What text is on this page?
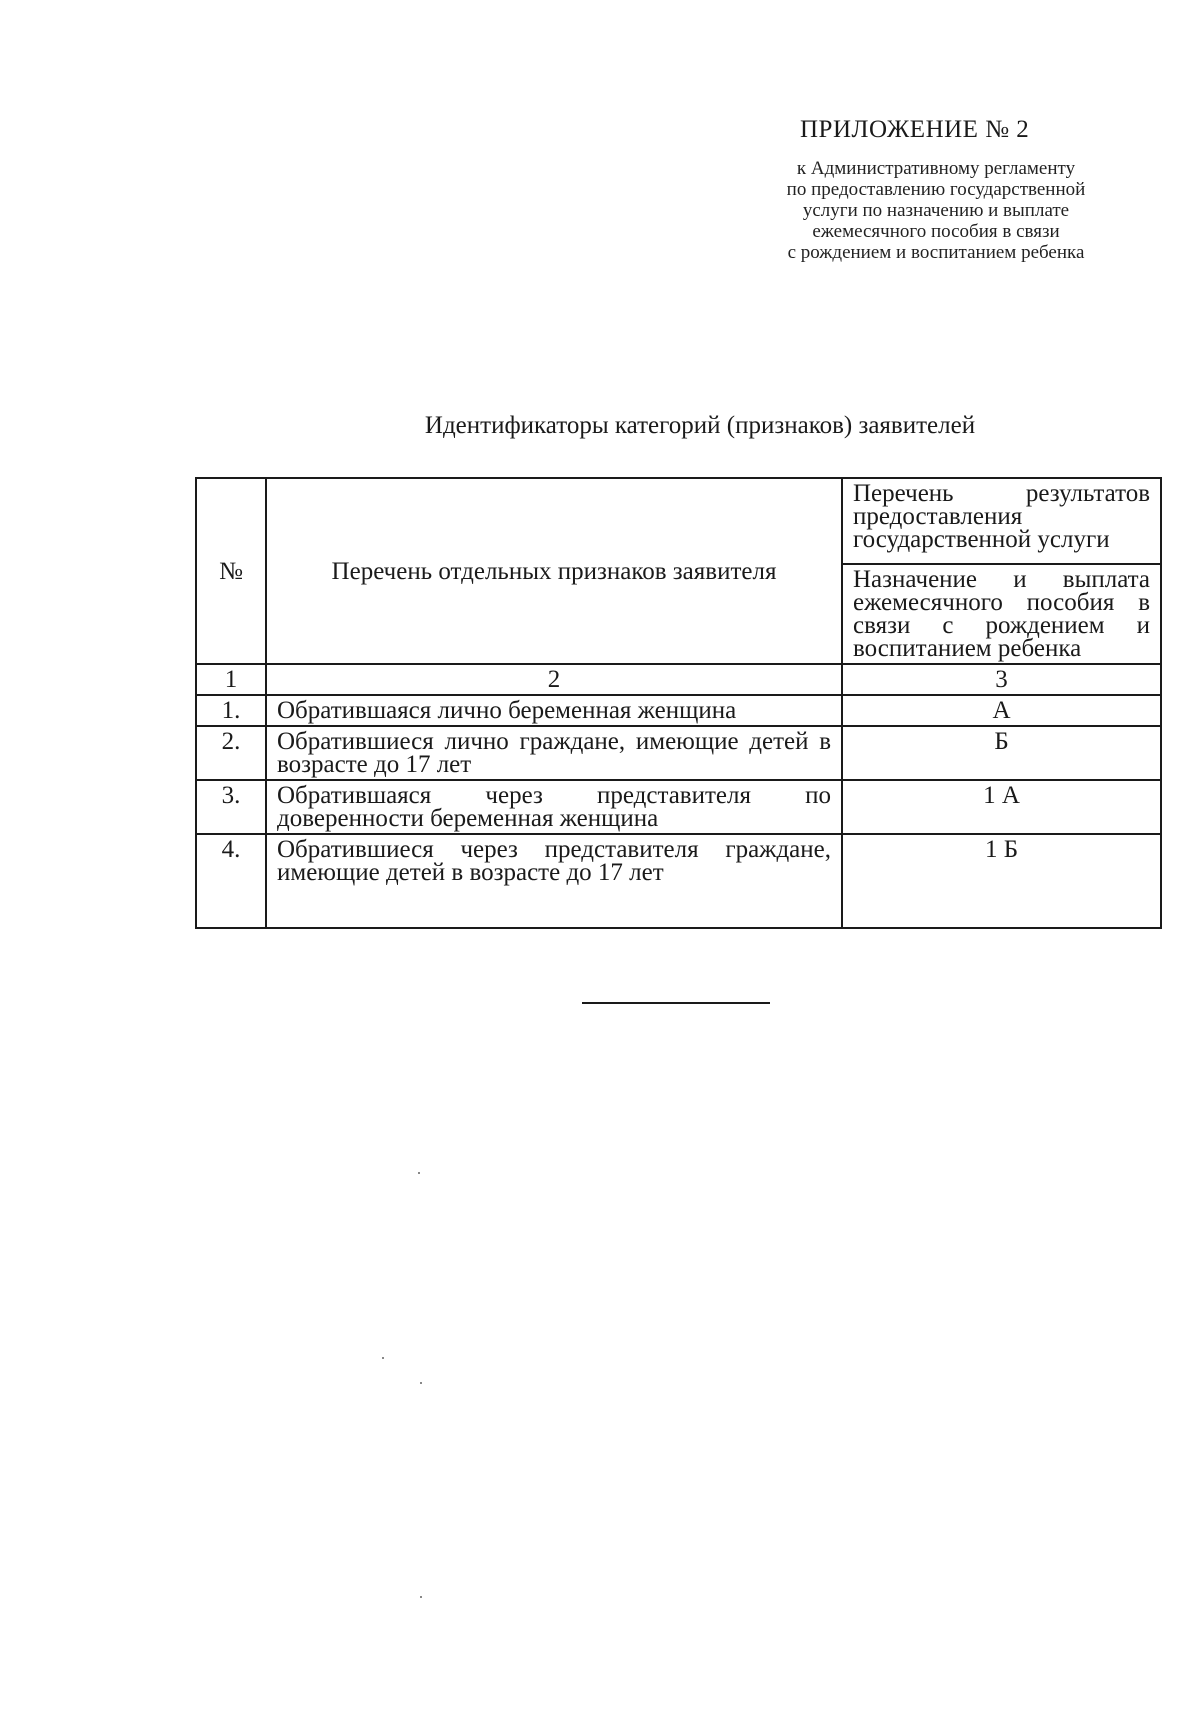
ПРИЛОЖЕНИЕ № 2
к Административному регламенту
по предоставлению государственной
услуги по назначению и выплате
ежемесячного пособия в связи
с рождением и воспитанием ребенка
Идентификаторы категорий (признаков) заявителей
№	Перечень отдельных признаков заявителя	Перечень результатов предоставления государственной услуги
		Назначение и выплата ежемесячного пособия в связи с рождением и воспитанием ребенка
1	2	3
1.	Обратившаяся лично беременная женщина	А
2.	Обратившиеся лично граждане, имеющие детей в возрасте до 17 лет	Б
3.	Обратившаяся через представителя по доверенности беременная женщина	1 А
4.	Обратившиеся через представителя граждане, имеющие детей в возрасте до 17 лет	1 Б
